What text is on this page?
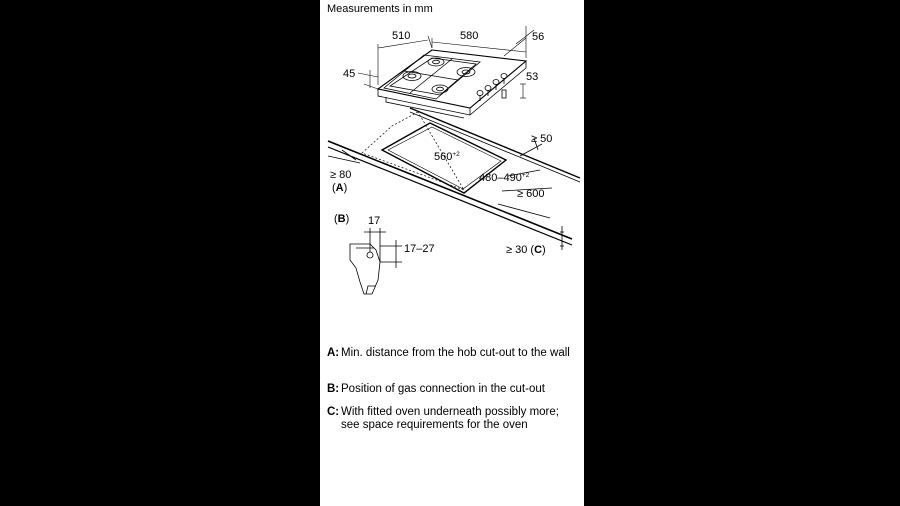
Measurements in mm
510	580	56
45	53
$560^{+2}$
$480-490^{+2}$
≥ 50
≥ 80
(A)	≥ 600
≥ 30 (C)
(B) 17
17–27
A: Min. distance from the hob cut-out to the wall
B: Position of gas connection in the cut-out
C: With fitted oven underneath possibly more; see space requirements for the oven
